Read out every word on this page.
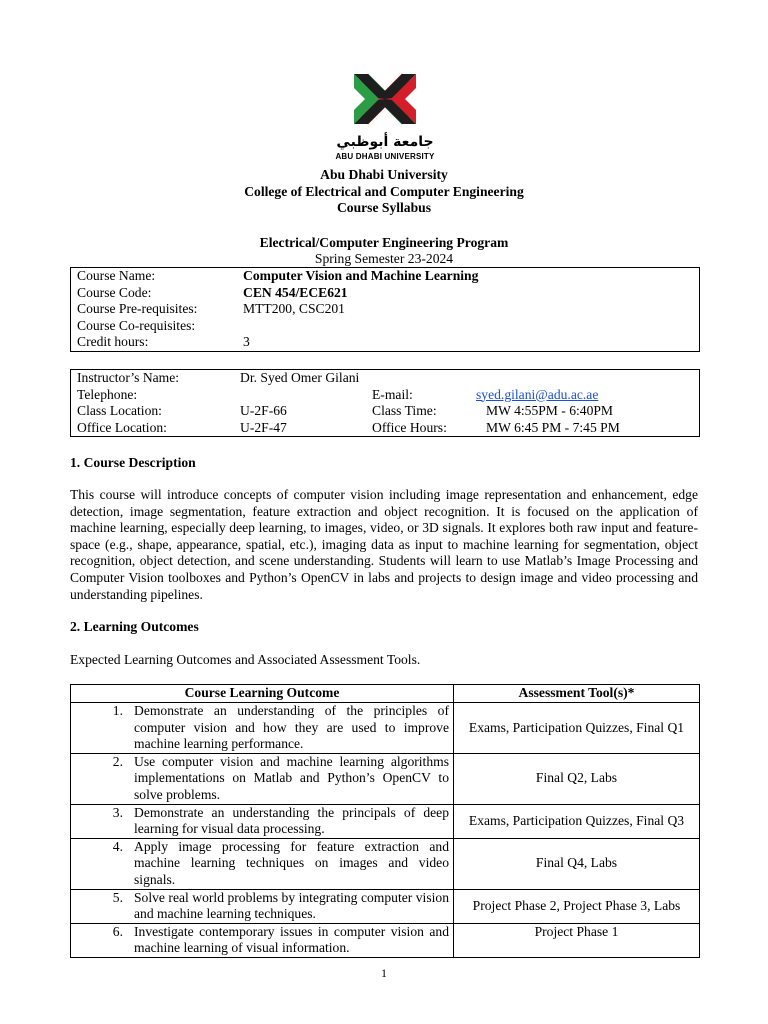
جامعة أبوظبي
ABU DHABI UNIVERSITY
Abu Dhabi University
College of Electrical and Computer Engineering
Course Syllabus
Electrical/Computer Engineering Program
Spring Semester 23-2024
Course Name:	Computer Vision and Machine Learning
Course Code:	CEN 454/ECE621
Course Pre-requisites:	MTT200, CSC201
Course Co-requisites:	
Credit hours:	3
Instructor’s Name:	Dr. Syed Omer Gilani		
Telephone:		E-mail:	syed.gilani@adu.ac.ae
Class Location:	U-2F-66	Class Time:	MW 4:55PM - 6:40PM
Office Location:	U-2F-47	Office Hours:	MW 6:45 PM - 7:45 PM
1. Course Description
This course will introduce concepts of computer vision including image representation and enhancement, edge detection, image segmentation, feature extraction and object recognition. It is focused on the application of machine learning, especially deep learning, to images, video, or 3D signals. It explores both raw input and feature-space (e.g., shape, appearance, spatial, etc.), imaging data as input to machine learning for segmentation, object recognition, object detection, and scene understanding. Students will learn to use Matlab’s Image Processing and Computer Vision toolboxes and Python’s OpenCV in labs and projects to design image and video processing and understanding pipelines.
2. Learning Outcomes
Expected Learning Outcomes and Associated Assessment Tools.
Course Learning Outcome	Assessment Tool(s)*

1. Demonstrate an understanding of the principles of computer vision and how they are used to improve machine learning performance.	Exams, Participation Quizzes, Final Q1

2. Use computer vision and machine learning algorithms implementations on Matlab and Python’s OpenCV to solve problems.	Final Q2, Labs

3. Demonstrate an understanding the principals of deep learning for visual data processing.	Exams, Participation Quizzes, Final Q3

4. Apply image processing for feature extraction and machine learning techniques on images and video signals.	Final Q4, Labs

5. Solve real world problems by integrating computer vision and machine learning techniques.	Project Phase 2, Project Phase 3, Labs

6. Investigate contemporary issues in computer vision and machine learning of visual information.	Project Phase 1
1
